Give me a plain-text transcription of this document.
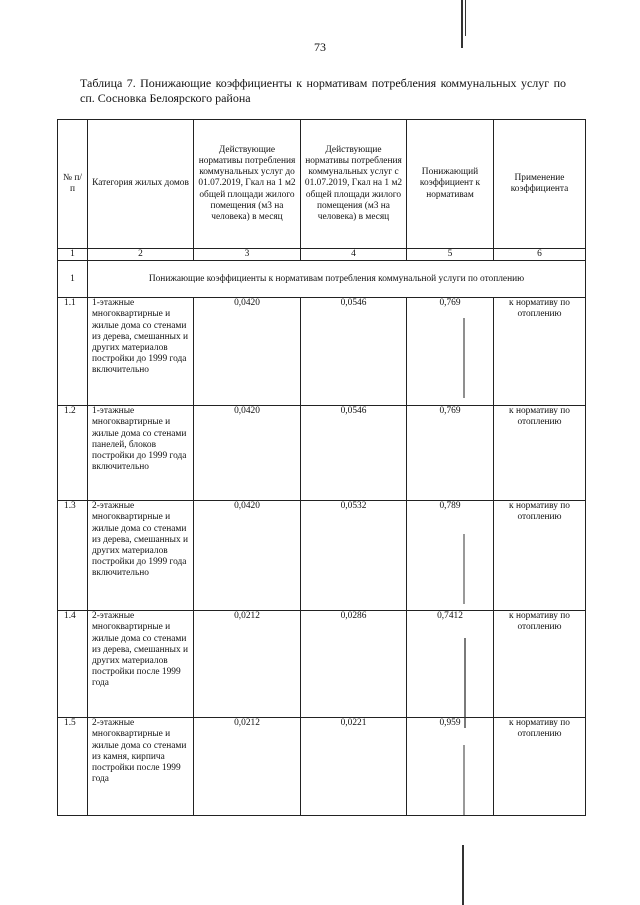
73
Таблица 7. Понижающие коэффициенты к нормативам потребления коммунальных услуг по сп. Сосновка Белоярского района
№ п/п	Категория жилых домов	Действующие нормативы потребления коммунальных услуг до 01.07.2019, Гкал на 1 м2 общей площади жилого помещения (м3 на человека) в месяц	Действующие нормативы потребления коммунальных услуг с 01.07.2019, Гкал на 1 м2 общей площади жилого помещения (м3 на человека) в месяц	Понижающий коэффициент к нормативам	Применение коэффициента
1	2	3	4	5	6
1	Понижающие коэффициенты к нормативам потребления коммунальной услуги по отоплению				
1.1	1-этажные многоквартирные и жилые дома со стенами из дерева, смешанных и других материалов постройки до 1999 года включительно	0,0420	0,0546	0,769	к нормативу по отоплению
1.2	1-этажные многоквартирные и жилые дома со стенами панелей, блоков постройки до 1999 года включительно	0,0420	0,0546	0,769	к нормативу по отоплению
1.3	2-этажные многоквартирные и жилые дома со стенами из дерева, смешанных и других материалов постройки до 1999 года включительно	0,0420	0,0532	0,789	к нормативу по отоплению
1.4	2-этажные многоквартирные и жилые дома со стенами из дерева, смешанных и других материалов постройки после 1999 года	0,0212	0,0286	0,7412	к нормативу по отоплению
1.5	2-этажные многоквартирные и жилые дома со стенами из камня, кирпича постройки после 1999 года	0,0212	0,0221	0,959	к нормативу по отоплению
